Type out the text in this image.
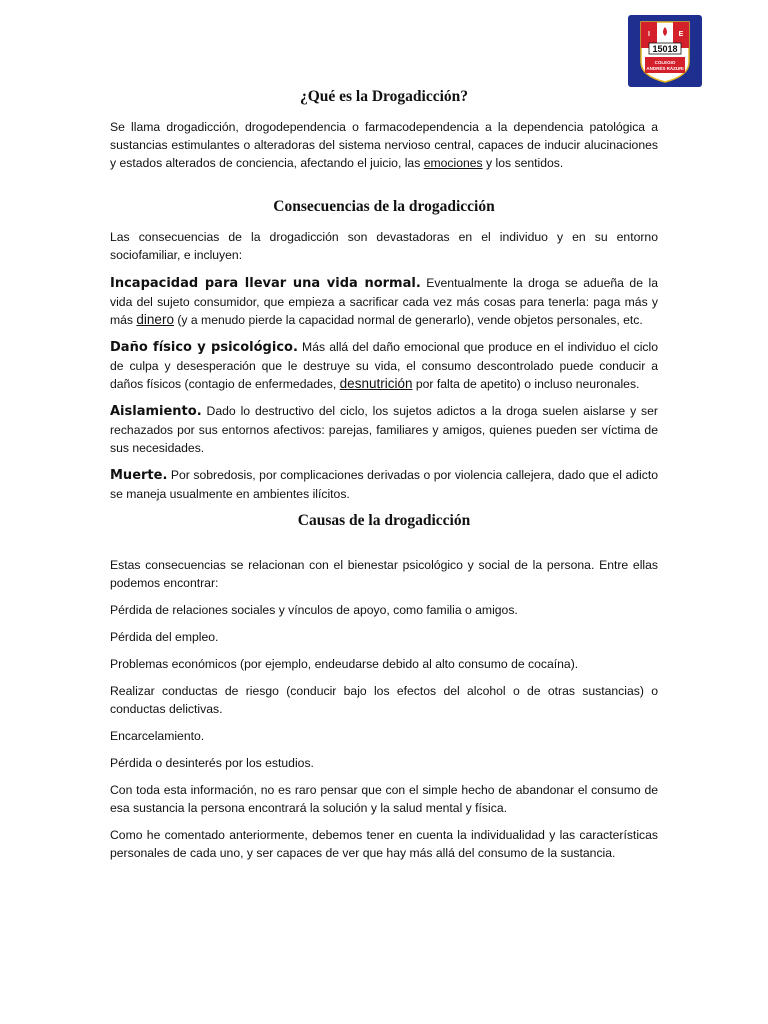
I	E
15018
COLEGIO
ANDRÉS RÁZURI
¿Qué es la Drogadicción?

Se llama drogadicción, drogodependencia o farmacodependencia a la dependencia patológica a sustancias estimulantes o alteradoras del sistema nervioso central, capaces de inducir alucinaciones y estados alterados de conciencia, afectando el juicio, las emociones y los sentidos.

Consecuencias de la drogadicción

Las consecuencias de la drogadicción son devastadoras en el individuo y en su entorno sociofamiliar, e incluyen:

Incapacidad para llevar una vida normal. Eventualmente la droga se adueña de la vida del sujeto consumidor, que empieza a sacrificar cada vez más cosas para tenerla: paga más y más dinero (y a menudo pierde la capacidad normal de generarlo), vende objetos personales, etc.

Daño físico y psicológico. Más allá del daño emocional que produce en el individuo el ciclo de culpa y desesperación que le destruye su vida, el consumo descontrolado puede conducir a daños físicos (contagio de enfermedades, desnutrición por falta de apetito) o incluso neuronales.

Aislamiento. Dado lo destructivo del ciclo, los sujetos adictos a la droga suelen aislarse y ser rechazados por sus entornos afectivos: parejas, familiares y amigos, quienes pueden ser víctima de sus necesidades.

Muerte. Por sobredosis, por complicaciones derivadas o por violencia callejera, dado que el adicto se maneja usualmente en ambientes ilícitos.

Causas de la drogadicción

Estas consecuencias se relacionan con el bienestar psicológico y social de la persona. Entre ellas podemos encontrar:

Pérdida de relaciones sociales y vínculos de apoyo, como familia o amigos.

Pérdida del empleo.

Problemas económicos (por ejemplo, endeudarse debido al alto consumo de cocaína).

Realizar conductas de riesgo (conducir bajo los efectos del alcohol o de otras sustancias) o conductas delictivas.

Encarcelamiento.

Pérdida o desinterés por los estudios.

Con toda esta información, no es raro pensar que con el simple hecho de abandonar el consumo de esa sustancia la persona encontrará la solución y la salud mental y física.

Como he comentado anteriormente, debemos tener en cuenta la individualidad y las características personales de cada uno, y ser capaces de ver que hay más allá del consumo de la sustancia.
